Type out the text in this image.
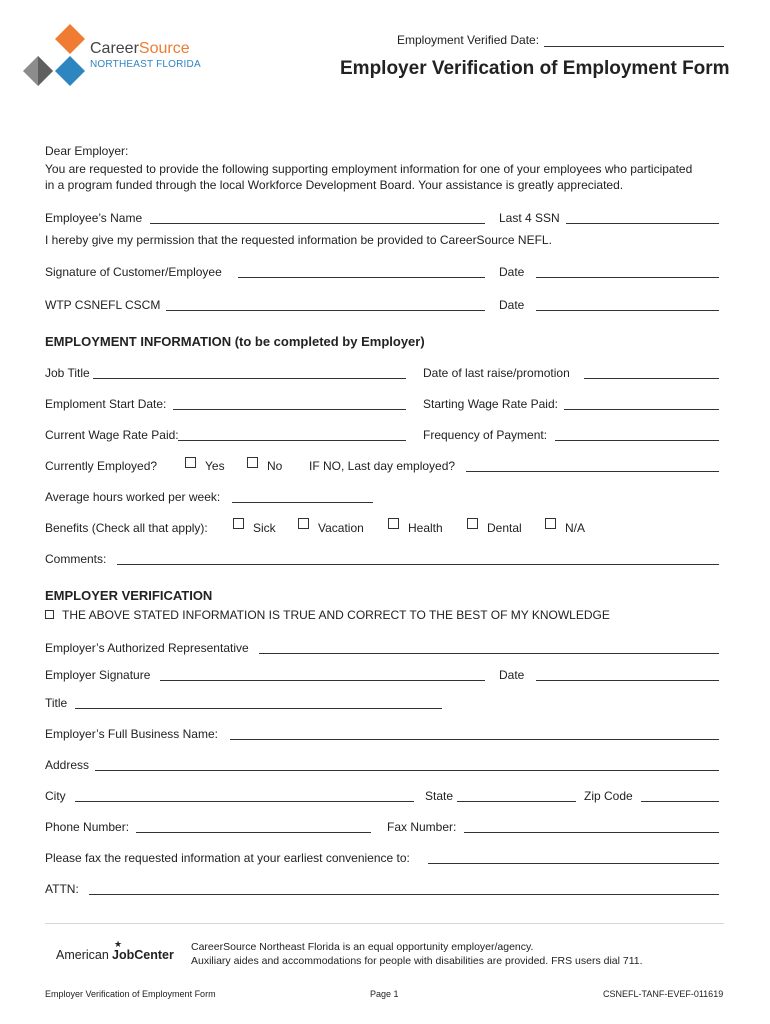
CareerSource
NORTHEAST FLORIDA
Employment Verified Date:
Employer Verification of Employment Form
Dear Employer:
You are requested to provide the following supporting employment information for one of your employees who participated
in a program funded through the local Workforce Development Board. Your assistance is greatly appreciated.
Employee’s Name	Last 4 SSN
I hereby give my permission that the requested information be provided to CareerSource NEFL.
Signature of Customer/Employee	Date
WTP CSNEFL CSCM	Date
EMPLOYMENT INFORMATION (to be completed by Employer)
Job Title	Date of last raise/promotion
Emploment Start Date:	Starting Wage Rate Paid:
Current Wage Rate Paid:	Frequency of Payment:
Currently Employed?	Yes	No IF NO, Last day employed?
Average hours worked per week:
Benefits (Check all that apply):	Sick	Vacation	Health	Dental	N/A
Comments:
EMPLOYER VERIFICATION
THE ABOVE STATED INFORMATION IS TRUE AND CORRECT TO THE BEST OF MY KNOWLEDGE
Employer’s Authorized Representative
Employer Signature	Date
Title
Employer’s Full Business Name:
Address
City	State	Zip Code
Phone Number:	Fax Number:
Please fax the requested information at your earliest convenience to:
ATTN:
American JobCenter
★	CareerSource Northeast Florida is an equal opportunity employer/agency.
Auxiliary aides and accommodations for people with disabilities are provided. FRS users dial 711.
Employer Verification of Employment Form	Page 1	CSNEFL-TANF-EVEF-011619
